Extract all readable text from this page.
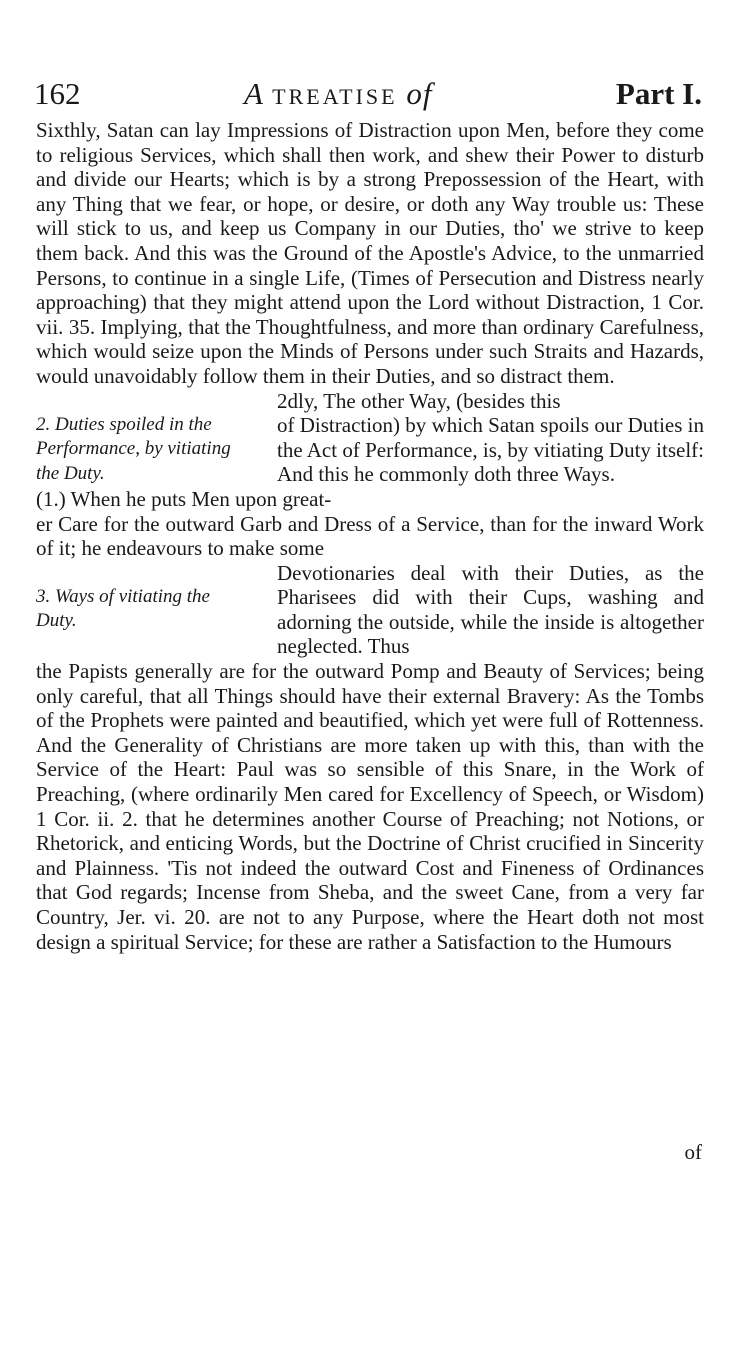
162	A TREATISE of	Part I.

Sixthly, Satan can lay Impressions of Distraction upon Men, before they come to religious Services, which shall then work, and shew their Power to disturb and divide our Hearts; which is by a strong Prepossession of the Heart, with any Thing that we fear, or hope, or desire, or doth any Way trouble us: These will stick to us, and keep us Company in our Duties, tho' we strive to keep them back. And this was the Ground of the Apostle's Advice, to the unmarried Persons, to continue in a single Life, (Times of Persecution and Distress nearly approaching) that they might attend upon the Lord without Distraction, 1 Cor. vii. 35. Implying, that the Thoughtfulness, and more than ordinary Carefulness, which would seize upon the Minds of Persons under such Straits and Hazards, would unavoidably follow them in their Duties, and so distract them.

2. Duties spoiled in the Performance, by vitiating the Duty.

2dly, The other Way, (besides this

of Distraction) by which Satan spoils our Duties in the Act of Performance, is, by vitiating Duty itself: And this he commonly doth three Ways.

(1.) When he puts Men upon great-

er Care for the outward Garb and Dress of a Service, than for the inward Work of it; he endeavours to make some

3. Ways of vitiating the Duty.

Devotionaries deal with their Duties, as the Pharisees did with their Cups, washing and adorning the outside, while the inside is altogether neglected. Thus

the Papists generally are for the outward Pomp and Beauty of Services; being only careful, that all Things should have their external Bravery: As the Tombs of the Prophets were painted and beautified, which yet were full of Rottenness. And the Generality of Christians are more taken up with this, than with the Service of the Heart: Paul was so sensible of this Snare, in the Work of Preaching, (where ordinarily Men cared for Excellency of Speech, or Wisdom) 1 Cor. ii. 2. that he determines another Course of Preaching; not Notions, or Rhetorick, and enticing Words, but the Doctrine of Christ crucified in Sincerity and Plainness. 'Tis not indeed the outward Cost and Fineness of Ordinances that God regards; Incense from Sheba, and the sweet Cane, from a very far Country, Jer. vi. 20. are not to any Purpose, where the Heart doth not most design a spiritual Service; for these are rather a Satisfaction to the Humours

of
